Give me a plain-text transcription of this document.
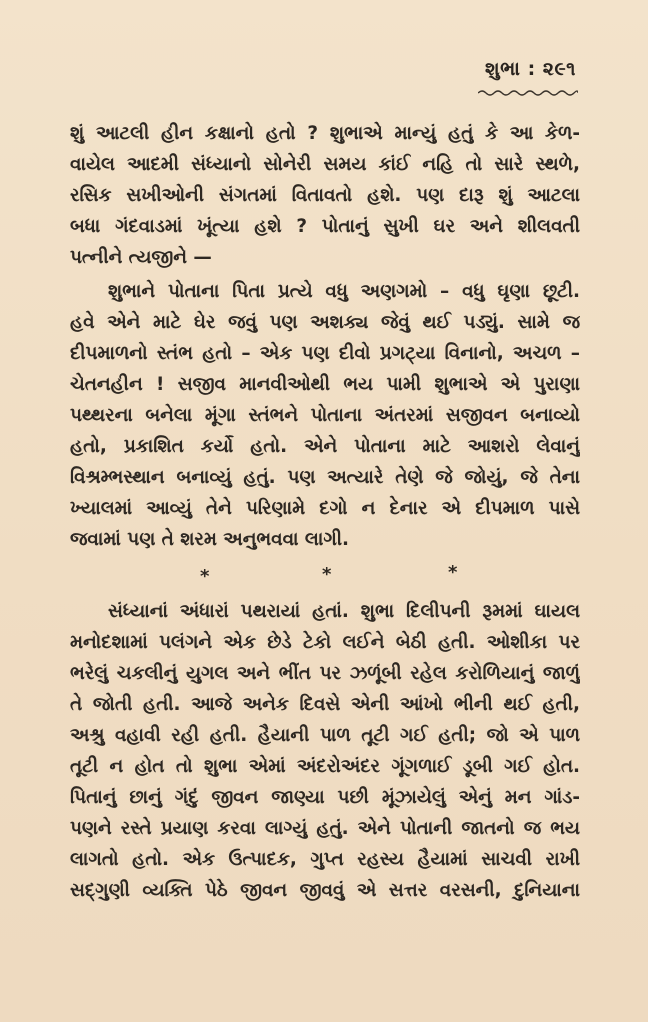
શુભા : ૨૯૧
શું આટલી હીન કક્ષાનો હતો ? શુભાએ માન્યું હતું કે આ કેળ-
વાયેલ આદમી સંધ્યાનો સોનેરી સમય કાંઈ નહિ તો સારે સ્થળે,
રસિક સખીઓની સંગતમાં વિતાવતો હશે. પણ દારૂ શું આટલા
બધા ગંદવાડમાં ખૂંત્યા હશે ? પોતાનું સુખી ઘર અને શીલવતી
પત્નીને ત્યજીને —
શુભાને પોતાના પિતા પ્રત્યે વધુ અણગમો – વધુ ઘૃણા છૂટી.
હવે એને માટે ઘેર જવું પણ અશક્ય જેવું થઈ પડ્યું. સામે જ
દીપમાળનો સ્તંભ હતો – એક પણ દીવો પ્રગટ્યા વિનાનો, અચળ –
ચેતનહીન ! સજીવ માનવીઓથી ભય પામી શુભાએ એ પુરાણા
પથ્થરના બનેલા મૂંગા સ્તંભને પોતાના અંતરમાં સજીવન બનાવ્યો
હતો, પ્રકાશિત કર્યો હતો. એને પોતાના માટે આશરો લેવાનું
વિશ્રમ્ભસ્થાન બનાવ્યું હતું. પણ અત્યારે તેણે જે જોયું, જે તેના
ખ્યાલમાં આવ્યું તેને પરિણામે દગો ન દેનાર એ દીપમાળ પાસે
જવામાં પણ તે શરમ અનુભવવા લાગી.
*	*	*
સંધ્યાનાં અંધારાં પથરાયાં હતાં. શુભા દિલીપની રૂમમાં ઘાયલ
મનોદશામાં પલંગને એક છેડે ટેકો લઈને બેઠી હતી. ઓશીકા પર
ભરેલું ચકલીનું યુગલ અને ભીંત પર ઝળૂંબી રહેલ કરોળિયાનું જાળું
તે જોતી હતી. આજે અનેક દિવસે એની આંખો ભીની થઈ હતી,
અશ્રુ વહાવી રહી હતી. હૈયાની પાળ તૂટી ગઈ હતી; જો એ પાળ
તૂટી ન હોત તો શુભા એમાં અંદરોઅંદર ગૂંગળાઈ ડૂબી ગઈ હોત.
પિતાનું છાનું ગંદું જીવન જાણ્યા પછી મૂંઝાયેલું એનું મન ગાંડ-
પણને રસ્તે પ્રયાણ કરવા લાગ્યું હતું. એને પોતાની જાતનો જ ભય
લાગતો હતો. એક ઉત્પાદક, ગુપ્ત રહસ્ય હૈયામાં સાચવી રાખી
સદ્ગુણી વ્યક્તિ પેઠે જીવન જીવવું એ સત્તર વરસની, દુનિયાના
